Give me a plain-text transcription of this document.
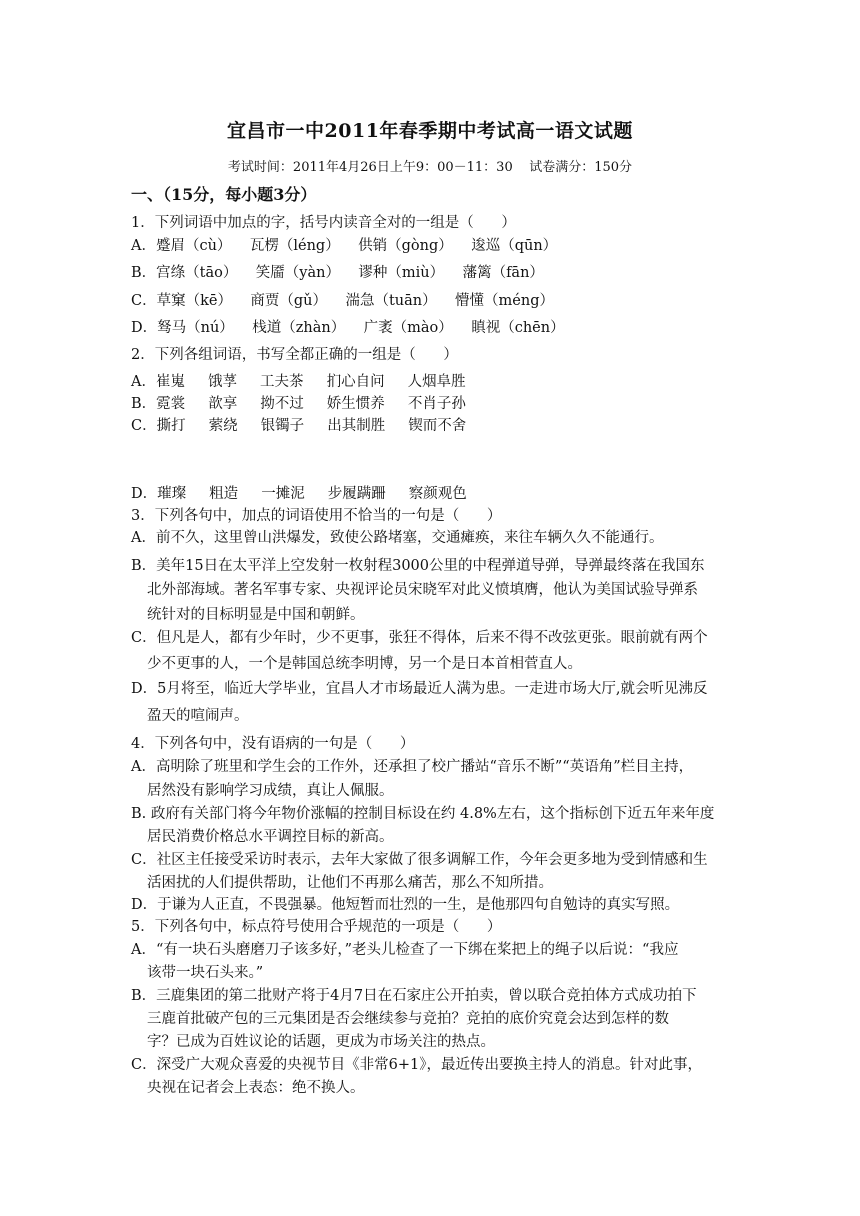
宜昌市一中2011年春季期中考试高一语文试题
考试时间：2011年4月26日上午9：00－11：30    试卷满分：150分
一、（15分，每小题3分）
1．下列词语中加点的字，括号内读音全对的一组是（      ）
A．蹙眉（cù）    瓦楞（léng）    供销（gòng）    逡巡（qūn）
B．宫绦（tāo）    笑靥（yàn）    谬种（miù）    藩篱（fān）
C．草窠（kē）    商贾（gǔ）    湍急（tuān）    懵懂（méng）
D．驽马（nú）    栈道（zhàn）    广袤（mào）    瞋视（chēn）
2．下列各组词语，书写全都正确的一组是（      ）
A．崔嵬     饿莩     工夫茶     扪心自问     人烟阜胜
B．霓裳     歆享     拗不过     娇生惯养     不肖子孙
C．撕打     萦绕     银镯子     出其制胜     锲而不舍
D．璀璨     粗造     一摊泥     步履蹒跚     察颜观色
3．下列各句中，加点的词语使用不恰当的一句是（      ）
A．前不久，这里曾山洪爆发，致使公路堵塞，交通瘫痪，来往车辆久久不能通行。
B．美年15日在太平洋上空发射一枚射程3000公里的中程弹道导弹，导弹最终落在我国东
北外部海域。著名军事专家、央视评论员宋晓军对此义愤填膺，他认为美国试验导弹系
统针对的目标明显是中国和朝鲜。
C．但凡是人，都有少年时，少不更事，张狂不得体，后来不得不改弦更张。眼前就有两个
少不更事的人，一个是韩国总统李明博，另一个是日本首相菅直人。
D．5月将至，临近大学毕业，宜昌人才市场最近人满为患。一走进市场大厅,就会听见沸反
盈天的喧闹声。
4．下列各句中，没有语病的一句是（      ）
A．高明除了班里和学生会的工作外，还承担了校广播站“音乐不断”“英语角”栏目主持，
居然没有影响学习成绩，真让人佩服。
B. 政府有关部门将今年物价涨幅的控制目标设在约 4.8%左右，这个指标创下近五年来年度
居民消费价格总水平调控目标的新高。
C．社区主任接受采访时表示，去年大家做了很多调解工作，今年会更多地为受到情感和生
活困扰的人们提供帮助，让他们不再那么痛苦，那么不知所措。
D．于谦为人正直，不畏强暴。他短暂而壮烈的一生，是他那四句自勉诗的真实写照。
5．下列各句中，标点符号使用合乎规范的一项是（      ）
A．“有一块石头磨磨刀子该多好，”老头儿检查了一下绑在桨把上的绳子以后说：“我应
该带一块石头来。”
B．三鹿集团的第二批财产将于4月7日在石家庄公开拍卖，曾以联合竞拍体方式成功拍下
三鹿首批破产包的三元集团是否会继续参与竞拍？竞拍的底价究竟会达到怎样的数
字？已成为百姓议论的话题，更成为市场关注的热点。
C．深受广大观众喜爱的央视节目《非常6+1》，最近传出要换主持人的消息。针对此事，
央视在记者会上表态：绝不换人。
